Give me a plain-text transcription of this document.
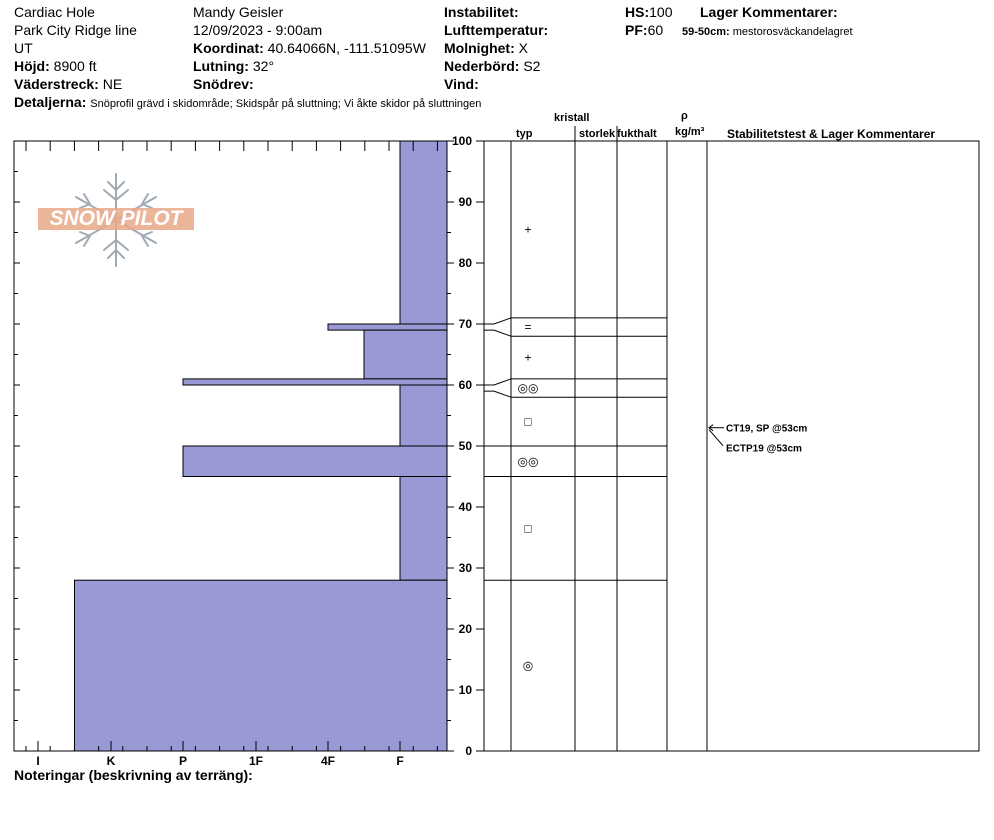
Cardiac Hole
Park City Ridge line
UT
Höjd: 8900 ft
Väderstreck: NE
Mandy Geisler
12/09/2023 - 9:00am
Koordinat: 40.64066N, -111.51095W
Lutning: 32°
Snödrev:
Instabilitet:
Lufttemperatur:
Molnighet: X
Nederbörd: S2
Vind:
HS:100
PF:60
Lager Kommentarer:
59-50cm: mestorosväckandelagret
Detaljerna: Snöprofil grävd i skidområde; Skidspår på sluttning; Vi åkte skidor på sluttningen
kristall
typ	storlek fukthalt
ρ
kg/m³ Stabilitetstest & Lager Kommentarer
0
10
20
30
40
50
60
70
80
90
100
I	K	P	1F	4F	F
+
=
+
◎◎
□
◎◎
□
◎
CT19, SP @53cm
ECTP19 @53cm
SNOW PILOT
Noteringar (beskrivning av terräng):
